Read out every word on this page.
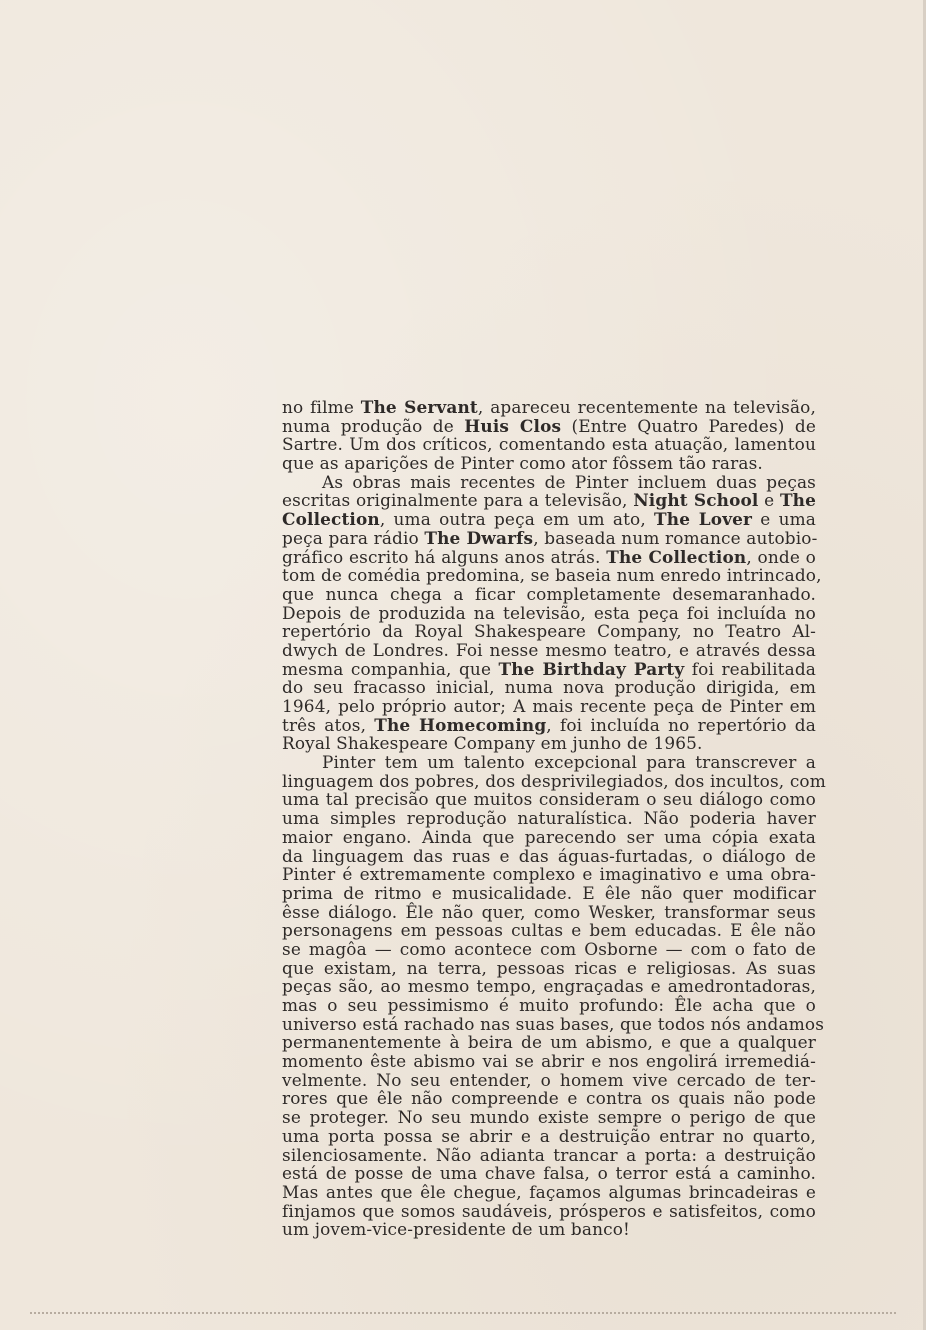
no filme The Servant, apareceu recentemente na televisão,
numa produção de Huis Clos (Entre Quatro Paredes) de
Sartre. Um dos críticos, comentando esta atuação, lamentou
que as aparições de Pinter como ator fôssem tão raras.
As obras mais recentes de Pinter incluem duas peças
escritas originalmente para a televisão, Night School e The
Collection, uma outra peça em um ato, The Lover e uma
peça para rádio The Dwarfs, baseada num romance autobio-
gráfico escrito há alguns anos atrás. The Collection, onde o
tom de comédia predomina, se baseia num enredo intrincado,
que nunca chega a ficar completamente desemaranhado.
Depois de produzida na televisão, esta peça foi incluída no
repertório da Royal Shakespeare Company, no Teatro Al-
dwych de Londres. Foi nesse mesmo teatro, e através dessa
mesma companhia, que The Birthday Party foi reabilitada
do seu fracasso inicial, numa nova produção dirigida, em
1964, pelo próprio autor; A mais recente peça de Pinter em
três atos, The Homecoming, foi incluída no repertório da
Royal Shakespeare Company em junho de 1965.
Pinter tem um talento excepcional para transcrever a
linguagem dos pobres, dos desprivilegiados, dos incultos, com
uma tal precisão que muitos consideram o seu diálogo como
uma simples reprodução naturalística. Não poderia haver
maior engano. Ainda que parecendo ser uma cópia exata
da linguagem das ruas e das águas-furtadas, o diálogo de
Pinter é extremamente complexo e imaginativo e uma obra-
prima de ritmo e musicalidade. E êle não quer modificar
êsse diálogo. Êle não quer, como Wesker, transformar seus
personagens em pessoas cultas e bem educadas. E êle não
se magôa — como acontece com Osborne — com o fato de
que existam, na terra, pessoas ricas e religiosas. As suas
peças são, ao mesmo tempo, engraçadas e amedrontadoras,
mas o seu pessimismo é muito profundo: Êle acha que o
universo está rachado nas suas bases, que todos nós andamos
permanentemente à beira de um abismo, e que a qualquer
momento êste abismo vai se abrir e nos engolirá irremediá-
velmente. No seu entender, o homem vive cercado de ter-
rores que êle não compreende e contra os quais não pode
se proteger. No seu mundo existe sempre o perigo de que
uma porta possa se abrir e a destruição entrar no quarto,
silenciosamente. Não adianta trancar a porta: a destruição
está de posse de uma chave falsa, o terror está a caminho.
Mas antes que êle chegue, façamos algumas brincadeiras e
finjamos que somos saudáveis, prósperos e satisfeitos, como
um jovem-vice-presidente de um banco!
